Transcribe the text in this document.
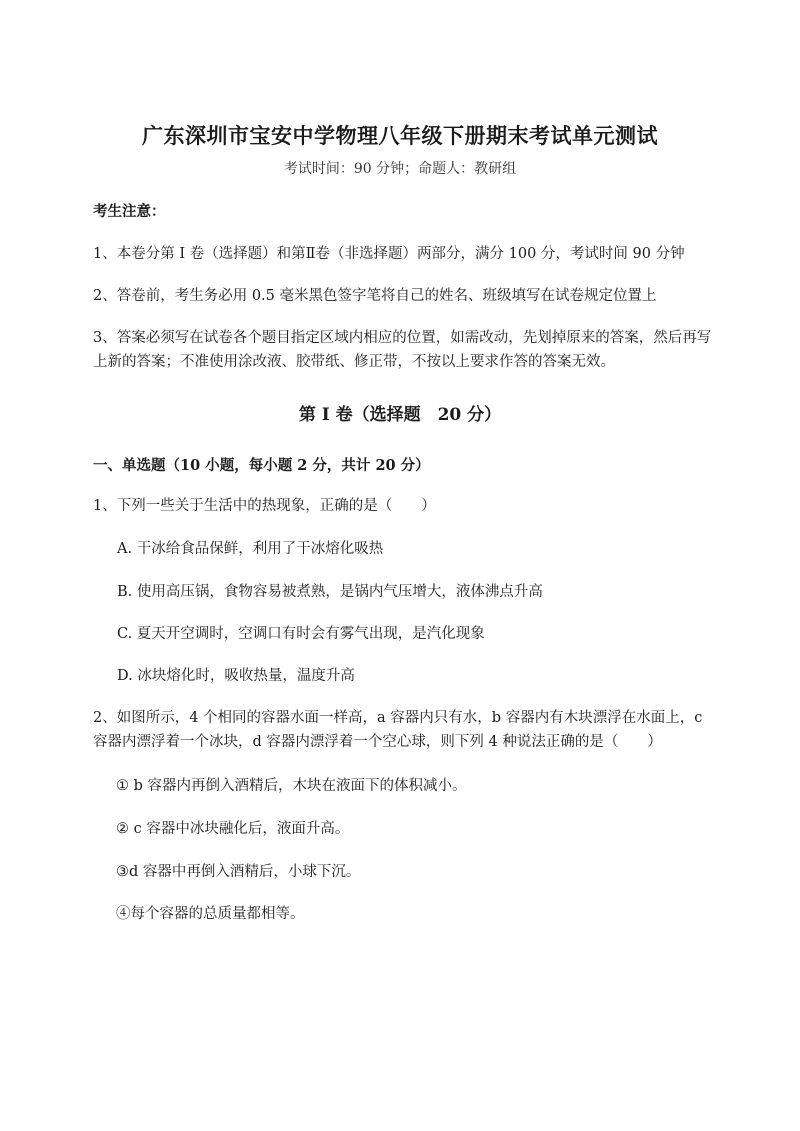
广东深圳市宝安中学物理八年级下册期末考试单元测试
考试时间：90 分钟；命题人：教研组
考生注意：
1、本卷分第 I 卷（选择题）和第Ⅱ卷（非选择题）两部分，满分 100 分，考试时间 90 分钟
2、答卷前，考生务必用 0.5 毫米黑色签字笔将自己的姓名、班级填写在试卷规定位置上
3、答案必须写在试卷各个题目指定区域内相应的位置，如需改动，先划掉原来的答案，然后再写上新的答案；不准使用涂改液、胶带纸、修正带，不按以上要求作答的答案无效。
第 I 卷（选择题　20 分）
一、单选题（10 小题，每小题 2 分，共计 20 分）
1、下列一些关于生活中的热现象，正确的是（　　）
A. 干冰给食品保鲜，利用了干冰熔化吸热
B. 使用高压锅，食物容易被煮熟，是锅内气压增大，液体沸点升高
C. 夏天开空调时，空调口有时会有雾气出现，是汽化现象
D. 冰块熔化时，吸收热量，温度升高
2、如图所示，4 个相同的容器水面一样高，a 容器内只有水，b 容器内有木块漂浮在水面上，c 容器内漂浮着一个冰块，d 容器内漂浮着一个空心球，则下列 4 种说法正确的是（　　）
① b 容器内再倒入酒精后，木块在液面下的体积减小。
② c 容器中冰块融化后，液面升高。
③d 容器中再倒入酒精后，小球下沉。
④每个容器的总质量都相等。
